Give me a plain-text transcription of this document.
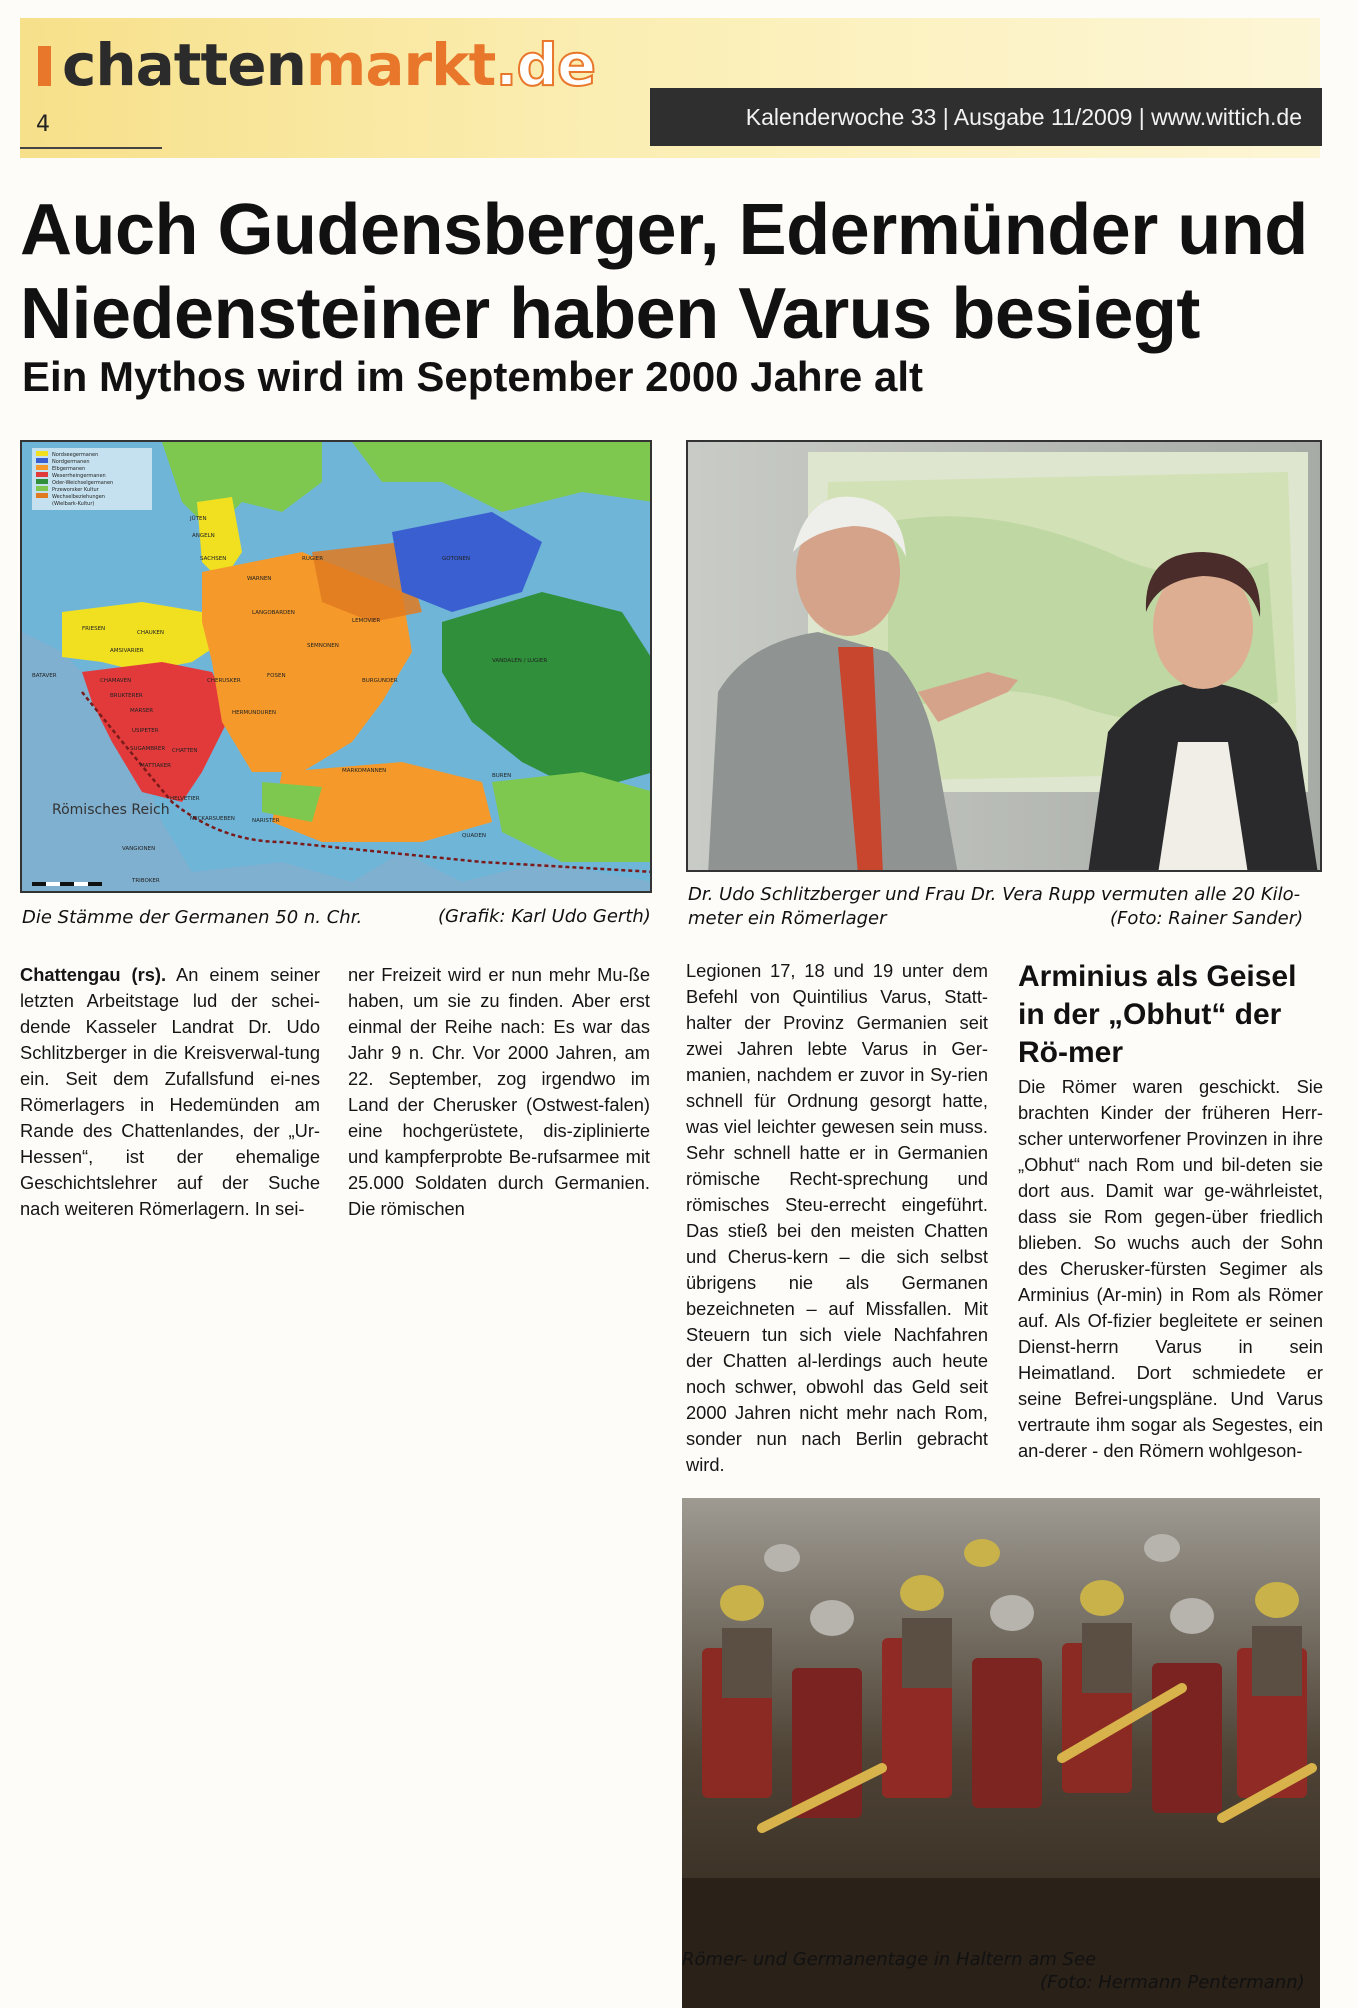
chattenmarkt.de
4	Kalenderwoche 33 | Ausgabe 11/2009 | www.wittich.de
Auch Gudensberger, Edermünder und Niedensteiner haben Varus besiegt
Ein Mythos wird im September 2000 Jahre alt
Nordseegermanen
Nordgermanen
Elbgermanen
Weserrheingermanen
Oder-Weichselgermanen
Przeworsker Kultur
Wechselbeziehungen
(Wielbark-Kultur)
JÜTEN
ANGELN
SACHSEN
WARNEN
RUGIER	GOTONEN
LANGOBARDEN
FRIESEN
CHAUKEN
AMSIVARIER
BATAVER
CHAMAVEN	CHERUSKER
SEMNONEN
LEMOVIER
BRUKTERER
MARSER
FOSEN
BURGUNDER
VANDALEN / LUGIER
USIPETER
HERMUNDUREN
SUGAMBRER CHATTEN
MATTIAKER
MARKOMANNEN
BUREN
HELVETIER
NARISTER
NECKARSUEBEN
QUADEN
VANGIONEN
TRIBOKER
Römisches Reich
Die Stämme der Germanen 50 n. Chr.	(Grafik: Karl Udo Gerth)
Dr. Udo Schlitzberger und Frau Dr. Vera Rupp vermuten alle 20 Kilo-meter ein Römerlager	(Foto: Rainer Sander)
Chattengau (rs). An einem seiner letzten Arbeitstage lud der schei-dende Kasseler Landrat Dr. Udo Schlitzberger in die Kreisverwal-tung ein. Seit dem Zufallsfund ei-nes Römerlagers in Hedemünden am Rande des Chattenlandes, der „Ur-Hessen“, ist der ehemalige Geschichtslehrer auf der Suche nach weiteren Römerlagern. In sei-
ner Freizeit wird er nun mehr Mu-ße haben, um sie zu finden. Aber erst einmal der Reihe nach: Es war das Jahr 9 n. Chr. Vor 2000 Jahren, am 22. September, zog irgendwo im Land der Cherusker (Ostwest-falen) eine hochgerüstete, dis-ziplinierte und kampferprobte Be-rufsarmee mit 25.000 Soldaten durch Germanien. Die römischen
Legionen 17, 18 und 19 unter dem Befehl von Quintilius Varus, Statt-halter der Provinz Germanien seit zwei Jahren lebte Varus in Ger-manien, nachdem er zuvor in Sy-rien schnell für Ordnung gesorgt hatte, was viel leichter gewesen sein muss. Sehr schnell hatte er in Germanien römische Recht-sprechung und römisches Steu-errecht eingeführt. Das stieß bei den meisten Chatten und Cherus-kern – die sich selbst übrigens nie als Germanen bezeichneten – auf Missfallen. Mit Steuern tun sich viele Nachfahren der Chatten al-lerdings auch heute noch schwer, obwohl das Geld seit 2000 Jahren nicht mehr nach Rom, sonder nun nach Berlin gebracht wird.
Arminius als Geisel in der „Obhut“ der Rö-mer
Die Römer waren geschickt. Sie brachten Kinder der früheren Herr-scher unterworfener Provinzen in ihre „Obhut“ nach Rom und bil-deten sie dort aus. Damit war ge-währleistet, dass sie Rom gegen-über friedlich blieben. So wuchs auch der Sohn des Cherusker-fürsten Segimer als Arminius (Ar-min) in Rom als Römer auf. Als Of-fizier begleitete er seinen Dienst-herrn Varus in sein Heimatland. Dort schmiedete er seine Befrei-ungspläne. Und Varus vertraute ihm sogar als Segestes, ein an-derer - den Römern wohlgeson-
Römer- und Germanentage in Haltern am See
(Foto: Hermann Pentermann)
